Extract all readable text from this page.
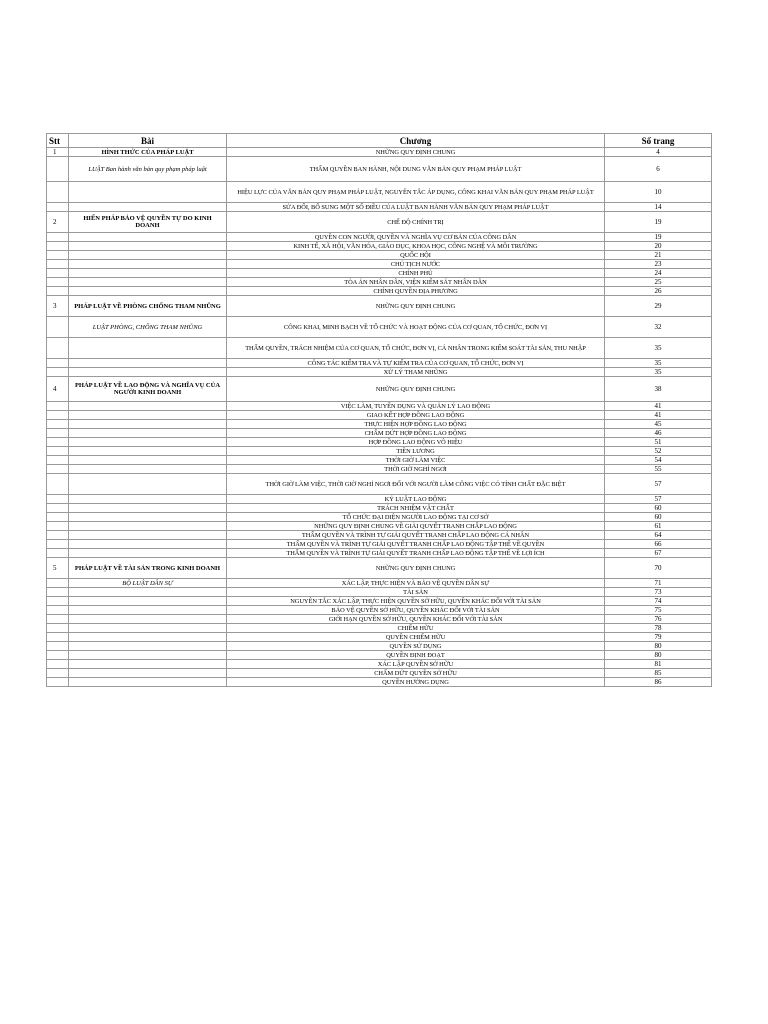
Stt	Bài	Chương	Số trang
1	HÌNH THỨC CỦA PHÁP LUẬT	NHỮNG QUY ĐỊNH CHUNG	4
	LUẬT Ban hành văn bản quy phạm pháp luật	THẨM QUYỀN BAN HÀNH, NỘI DUNG VĂN BẢN QUY PHẠM PHÁP LUẬT	6
		HIỆU LỰC CỦA VĂN BẢN QUY PHẠM PHÁP LUẬT, NGUYÊN TẮC ÁP DỤNG, CÔNG KHAI VĂN BẢN QUY PHẠM PHÁP LUẬT	10
		SỬA ĐỔI, BỔ SUNG MỘT SỐ ĐIỀU CỦA LUẬT BAN HÀNH VĂN BẢN QUY PHẠM PHÁP LUẬT	14
2	HIẾN PHÁP BẢO VỆ QUYỀN TỰ DO KINH DOANH	CHẾ ĐỘ CHÍNH TRỊ	19
		QUYỀN CON NGƯỜI, QUYỀN VÀ NGHĨA VỤ CƠ BẢN CỦA CÔNG DÂN	19
		KINH TẾ, XÃ HỘI, VĂN HÓA, GIÁO DỤC, KHOA HỌC, CÔNG NGHỆ VÀ MÔI TRƯỜNG	20
		QUỐC HỘI	21
		CHỦ TỊCH NƯỚC	23
		CHÍNH PHỦ	24
		TÒA ÁN NHÂN DÂN, VIỆN KIỂM SÁT NHÂN DÂN	25
		CHÍNH QUYỀN ĐỊA PHƯƠNG	26
3	PHÁP LUẬT VỀ PHÒNG CHỐNG THAM NHŨNG	NHỮNG QUY ĐỊNH CHUNG	29
	LUẬT PHÒNG, CHỐNG THAM NHŨNG	CÔNG KHAI, MINH BẠCH VỀ TỔ CHỨC VÀ HOẠT ĐỘNG CỦA CƠ QUAN, TỔ CHỨC, ĐƠN VỊ	32
		THẨM QUYỀN, TRÁCH NHIỆM CỦA CƠ QUAN, TỔ CHỨC, ĐƠN VỊ, CÁ NHÂN TRONG KIỂM SOÁT TÀI SẢN, THU NHẬP	35
		CÔNG TÁC KIỂM TRA VÀ TỰ KIỂM TRA CỦA CƠ QUAN, TỔ CHỨC, ĐƠN VỊ	35
		XỬ LÝ THAM NHŨNG	35
4	PHÁP LUẬT VỀ LAO ĐỘNG VÀ NGHĨA VỤ CỦA NGƯỜI KINH DOANH	NHỮNG QUY ĐỊNH CHUNG	38
		VIỆC LÀM, TUYỂN DỤNG VÀ QUẢN LÝ LAO ĐỘNG	41
		GIAO KẾT HỢP ĐỒNG LAO ĐỘNG	41
		THỰC HIỆN HỢP ĐỒNG LAO ĐỘNG	45
		CHẤM DỨT HỢP ĐỒNG LAO ĐỘNG	46
		HỢP ĐỒNG LAO ĐỘNG VÔ HIỆU	51
		TIỀN LƯƠNG	52
		THỜI GIỜ LÀM VIỆC	54
		THỜI GIỜ NGHỈ NGƠI	55
		THỜI GIỜ LÀM VIỆC, THỜI GIỜ NGHỈ NGƠI ĐỐI VỚI NGƯỜI LÀM CÔNG VIỆC CÓ TÍNH CHẤT ĐẶC BIỆT	57
		KỶ LUẬT LAO ĐỘNG	57
		TRÁCH NHIỆM VẬT CHẤT	60
		TỔ CHỨC ĐẠI DIỆN NGƯỜI LAO ĐỘNG TẠI CƠ SỞ	60
		NHỮNG QUY ĐỊNH CHUNG VỀ GIẢI QUYẾT TRANH CHẤP LAO ĐỘNG	61
		THẨM QUYỀN VÀ TRÌNH TỰ GIẢI QUYẾT TRANH CHẤP LAO ĐỘNG CÁ NHÂN	64
		THẨM QUYỀN VÀ TRÌNH TỰ GIẢI QUYẾT TRANH CHẤP LAO ĐỘNG TẬP THỂ VỀ QUYỀN	66
		THẨM QUYỀN VÀ TRÌNH TỰ GIẢI QUYẾT TRANH CHẤP LAO ĐỘNG TẬP THỂ VỀ LỢI ÍCH	67
5	PHÁP LUẬT VỀ TÀI SẢN TRONG KINH DOANH	NHỮNG QUY ĐỊNH CHUNG	70
	BỘ LUẬT DÂN SỰ	XÁC LẬP, THỰC HIỆN VÀ BẢO VỆ QUYỀN DÂN SỰ	71
		TÀI SẢN	73
		NGUYÊN TẮC XÁC LẬP, THỰC HIỆN QUYỀN SỞ HỮU, QUYỀN KHÁC ĐỐI VỚI TÀI SẢN	74
		BẢO VỆ QUYỀN SỞ HỮU, QUYỀN KHÁC ĐỐI VỚI TÀI SẢN	75
		GIỚI HẠN QUYỀN SỞ HỮU, QUYỀN KHÁC ĐỐI VỚI TÀI SẢN	76
		CHIẾM HỮU	78
		QUYỀN CHIẾM HỮU	79
		QUYỀN SỬ DỤNG	80
		QUYỀN ĐỊNH ĐOẠT	80
		XÁC LẬP QUYỀN SỞ HỮU	81
		CHẤM DỨT QUYỀN SỞ HỮU	85
		QUYỀN HƯỞNG DỤNG	86
